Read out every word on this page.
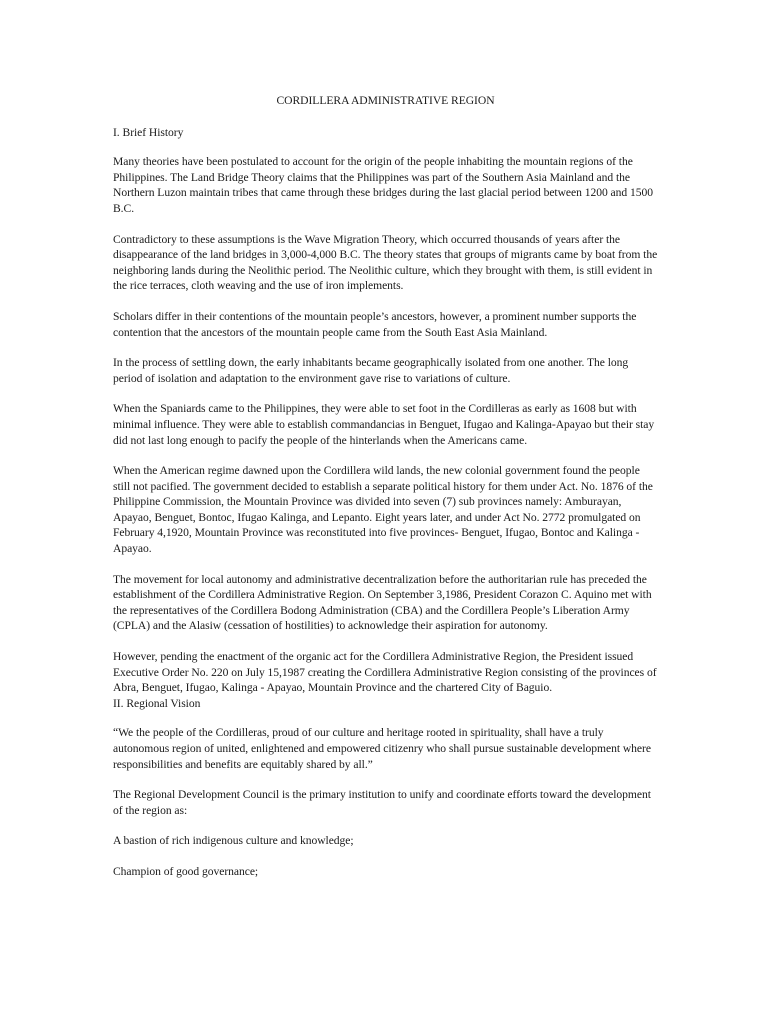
CORDILLERA ADMINISTRATIVE REGION

I. Brief History

Many theories have been postulated to account for the origin of the people inhabiting the mountain regions of the Philippines. The Land Bridge Theory claims that the Philippines was part of the Southern Asia Mainland and the Northern Luzon maintain tribes that came through these bridges during the last glacial period between 1200 and 1500 B.C.

Contradictory to these assumptions is the Wave Migration Theory, which occurred thousands of years after the disappearance of the land bridges in 3,000-4,000 B.C. The theory states that groups of migrants came by boat from the neighboring lands during the Neolithic period. The Neolithic culture, which they brought with them, is still evident in the rice terraces, cloth weaving and the use of iron implements.

Scholars differ in their contentions of the mountain people’s ancestors, however, a prominent number supports the contention that the ancestors of the mountain people came from the South East Asia Mainland.

In the process of settling down, the early inhabitants became geographically isolated from one another. The long period of isolation and adaptation to the environment gave rise to variations of culture.

When the Spaniards came to the Philippines, they were able to set foot in the Cordilleras as early as 1608 but with minimal influence. They were able to establish commandancias in Benguet, Ifugao and Kalinga-Apayao but their stay did not last long enough to pacify the people of the hinterlands when the Americans came.

When the American regime dawned upon the Cordillera wild lands, the new colonial government found the people still not pacified. The government decided to establish a separate political history for them under Act. No. 1876 of the Philippine Commission, the Mountain Province was divided into seven (7) sub provinces namely: Amburayan, Apayao, Benguet, Bontoc, Ifugao Kalinga, and Lepanto. Eight years later, and under Act No. 2772 promulgated on February 4,1920, Mountain Province was reconstituted into five provinces- Benguet, Ifugao, Bontoc and Kalinga -Apayao.

The movement for local autonomy and administrative decentralization before the authoritarian rule has preceded the establishment of the Cordillera Administrative Region. On September 3,1986, President Corazon C. Aquino met with the representatives of the Cordillera Bodong Administration (CBA) and the Cordillera People’s Liberation Army (CPLA) and the Alasiw (cessation of hostilities) to acknowledge their aspiration for autonomy.

However, pending the enactment of the organic act for the Cordillera Administrative Region, the President issued Executive Order No. 220 on July 15,1987 creating the Cordillera Administrative Region consisting of the provinces of Abra, Benguet, Ifugao, Kalinga - Apayao, Mountain Province and the chartered City of Baguio.

II. Regional Vision

“We the people of the Cordilleras, proud of our culture and heritage rooted in spirituality, shall have a truly autonomous region of united, enlightened and empowered citizenry who shall pursue sustainable development where responsibilities and benefits are equitably shared by all.”

The Regional Development Council is the primary institution to unify and coordinate efforts toward the development of the region as:

A bastion of rich indigenous culture and knowledge;

Champion of good governance;
